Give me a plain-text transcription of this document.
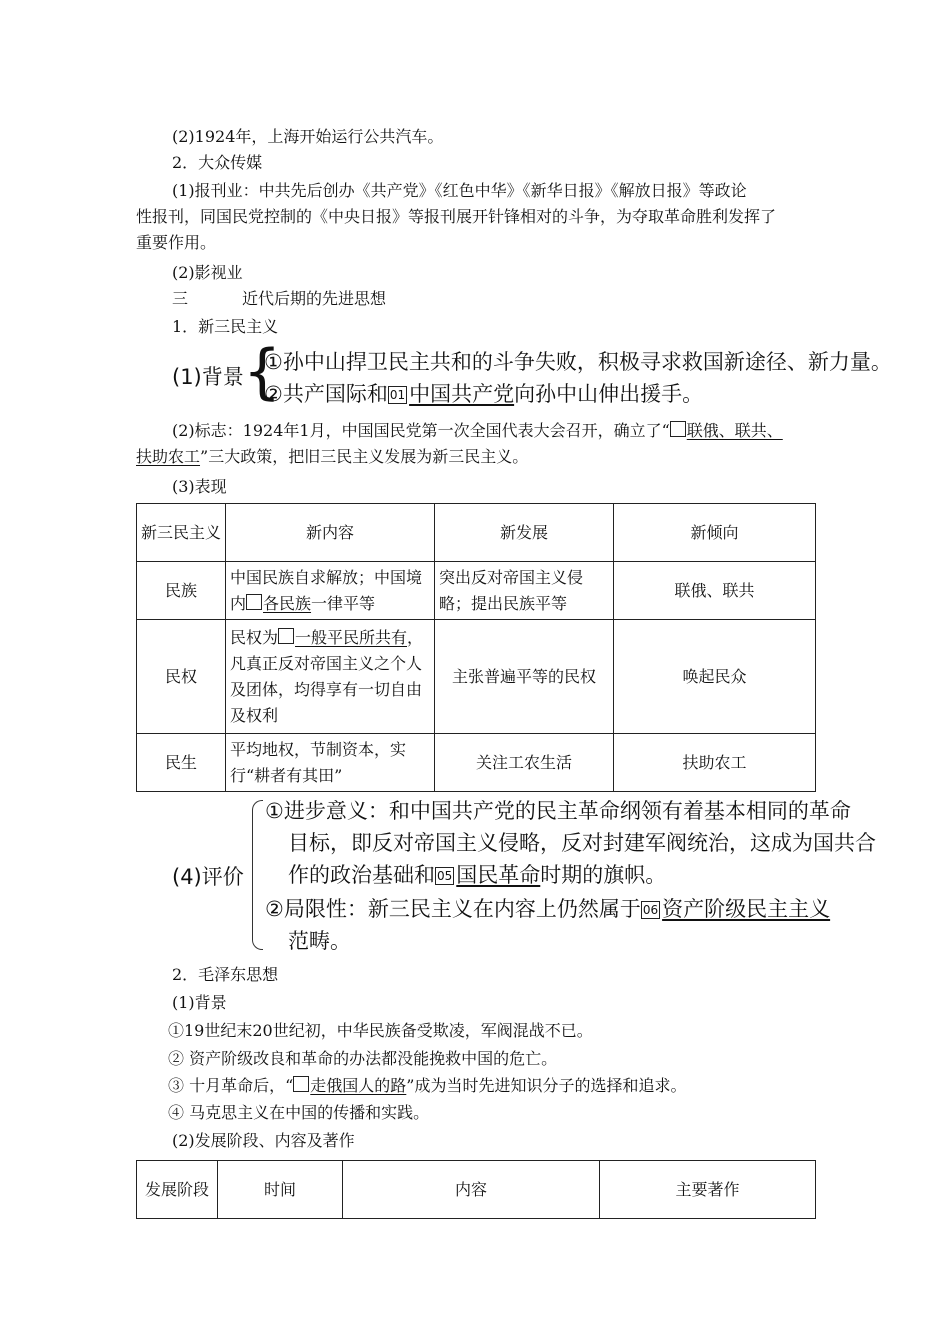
(2)1924年，上海开始运行公共汽车。
2．大众传媒
(1)报刊业：中共先后创办《共产党》《红色中华》《新华日报》《解放日报》等政论
性报刊，同国民党控制的《中央日报》等报刊展开针锋相对的斗争，为夺取革命胜利发挥了
重要作用。
(2)影视业
三	近代后期的先进思想
1．新三民主义
(1)背景 {
①孙中山捍卫民主共和的斗争失败，积极寻求救国新途径、新力量。
②共产国际和 01 中国共产党向孙中山伸出援手。
(2)标志：1924年1月，中国国民党第一次全国代表大会召开，确立了“ 联俄、联共、
扶助农工”三大政策，把旧三民主义发展为新三民主义。
(3)表现
新三民主义	新内容	新发展	新倾向
民族	中国民族自求解放；中国境内 各民族一律平等	突出反对帝国主义侵略；提出民族平等	联俄、联共
民权	民权为 一般平民所共有，凡真正反对帝国主义之个人及团体，均得享有一切自由及权利	主张普遍平等的民权	唤起民众
民生	平均地权，节制资本，实行“耕者有其田”	关注工农生活	扶助农工
(4)评价
①进步意义：和中国共产党的民主革命纲领有着基本相同的革命
目标，即反对帝国主义侵略，反对封建军阀统治，这成为国共合
作的政治基础和 05 国民革命时期的旗帜。
②局限性：新三民主义在内容上仍然属于 06 资产阶级民主主义
范畴。
2．毛泽东思想
(1)背景
①19世纪末20世纪初，中华民族备受欺凌，军阀混战不已。
② 资产阶级改良和革命的办法都没能挽救中国的危亡。
③ 十月革命后，“ 走俄国人的路”成为当时先进知识分子的选择和追求。
④ 马克思主义在中国的传播和实践。
(2)发展阶段、内容及著作
发展阶段	时间	内容	主要著作
